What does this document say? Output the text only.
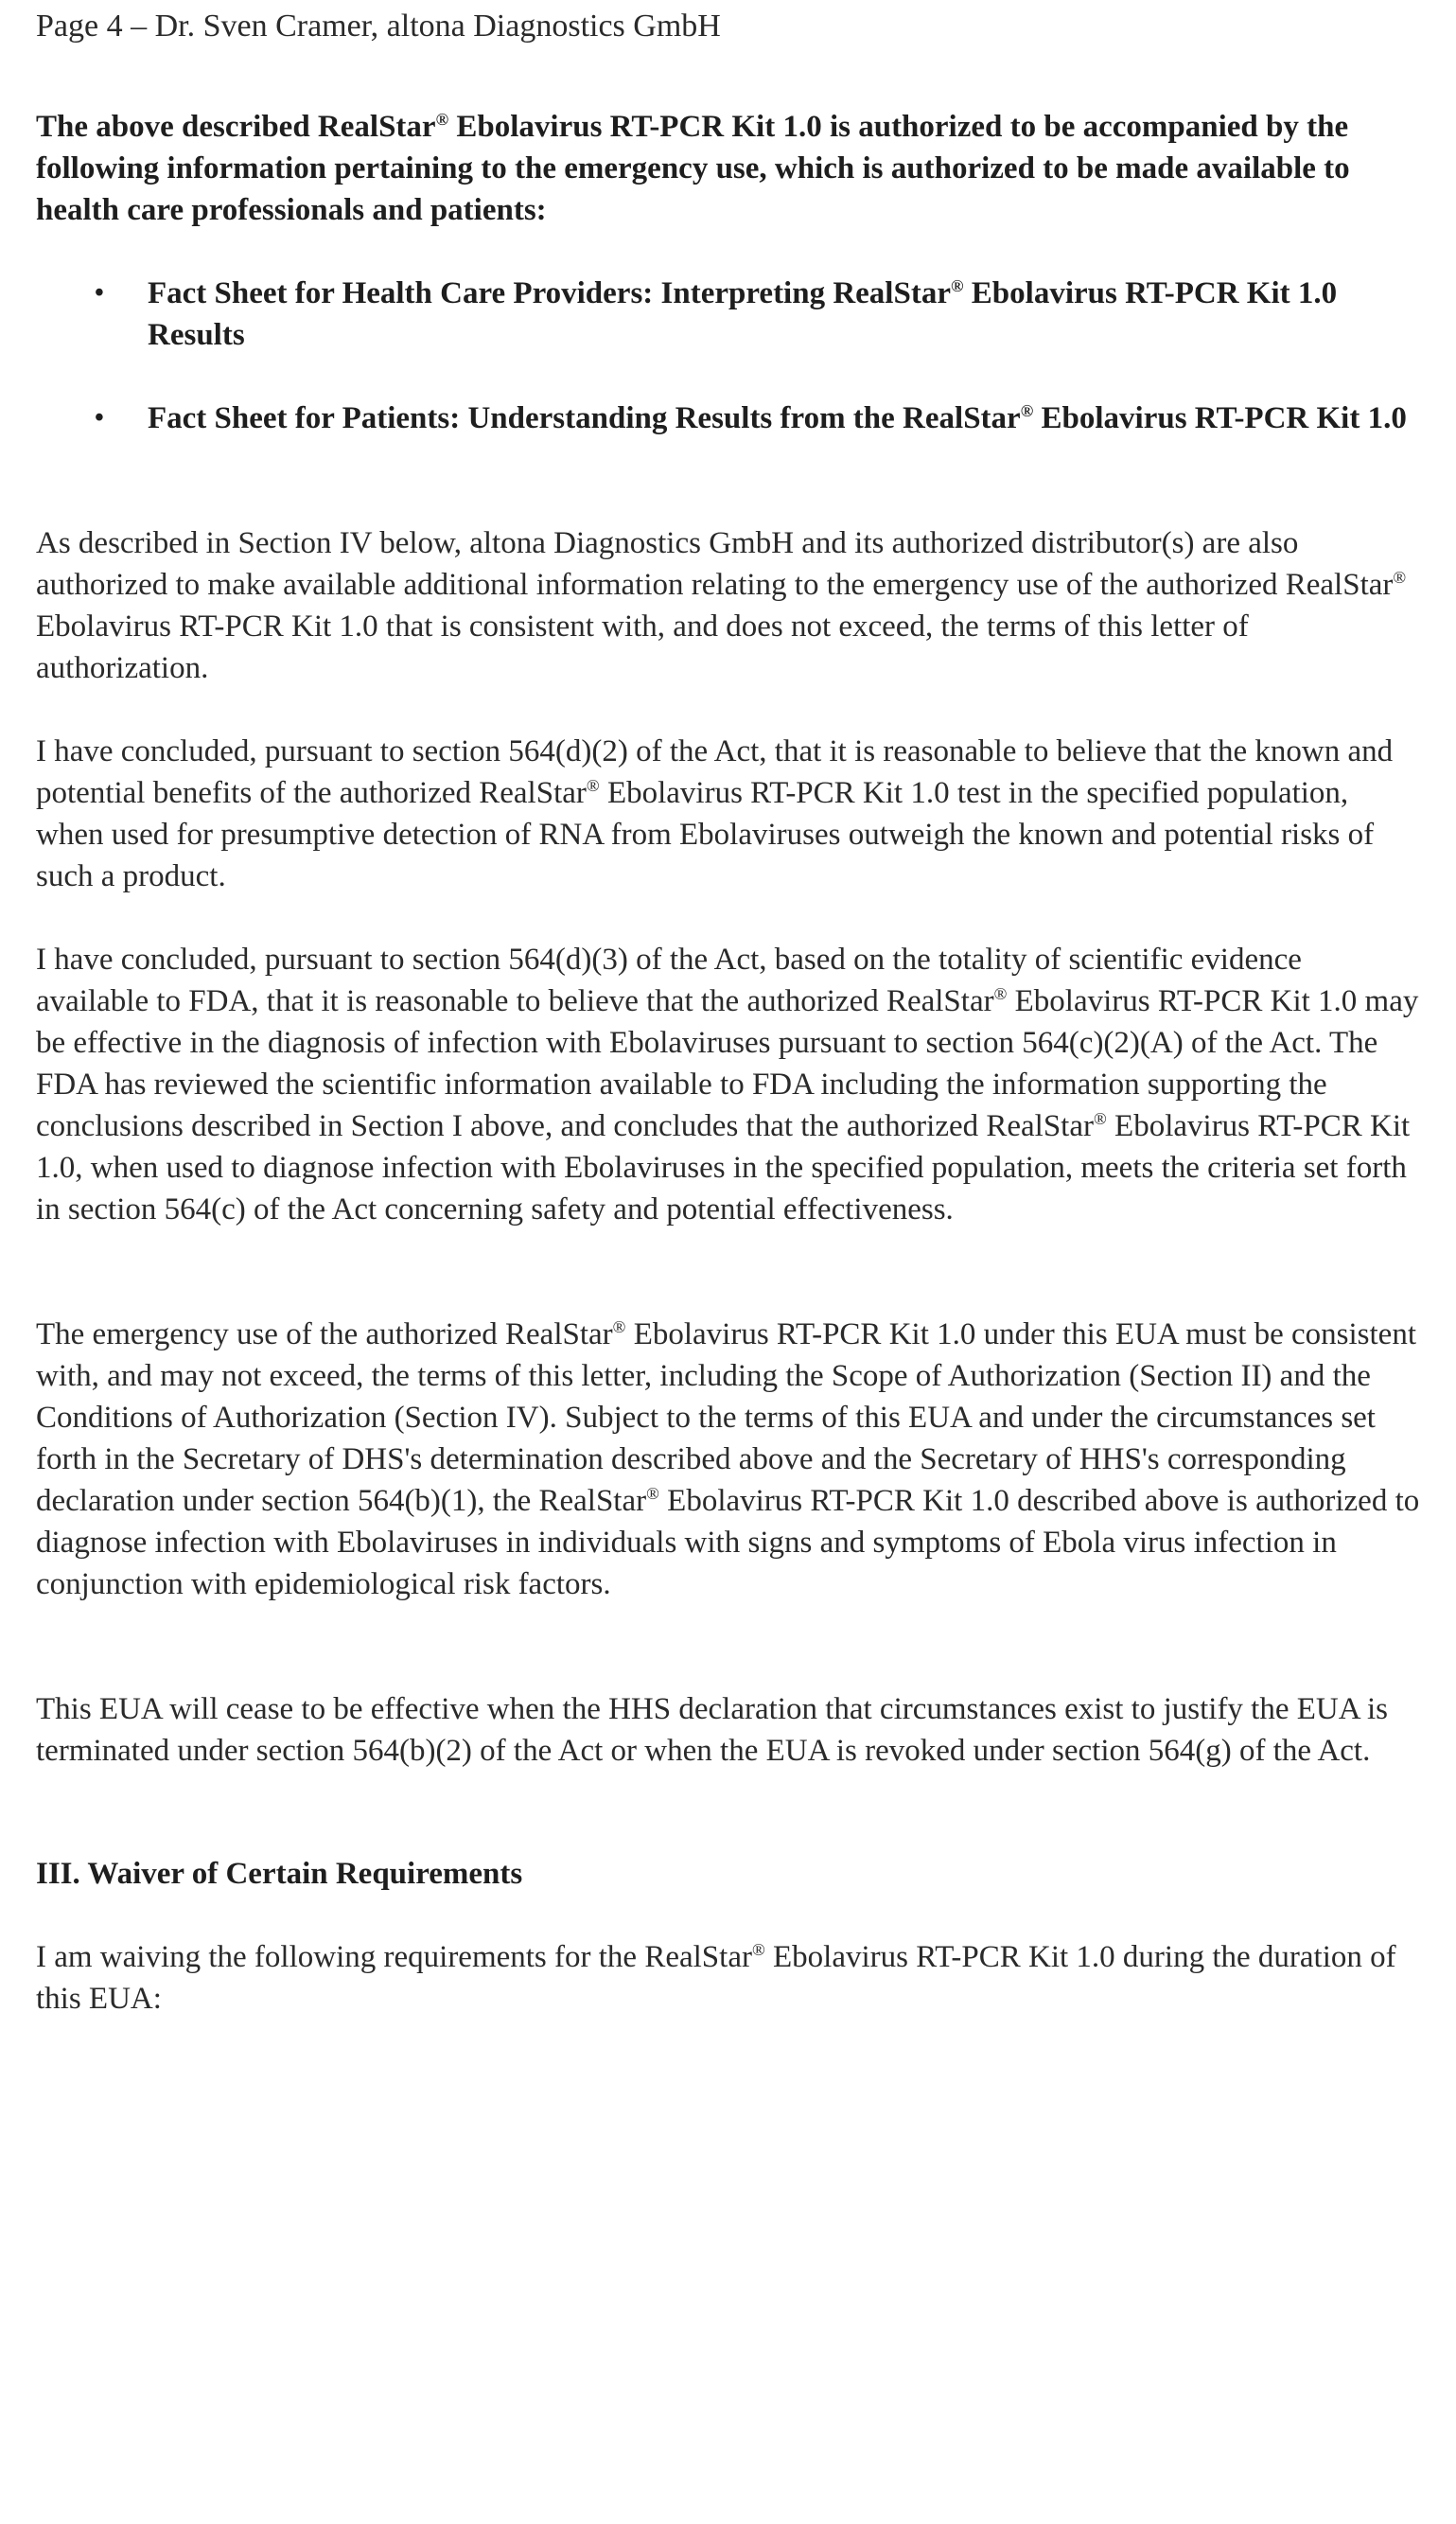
Page 4 – Dr. Sven Cramer, altona Diagnostics GmbH

The above described RealStar® Ebolavirus RT-PCR Kit 1.0 is authorized to be accompanied by the following information pertaining to the emergency use, which is authorized to be made available to health care professionals and patients:

•	Fact Sheet for Health Care Providers: Interpreting RealStar® Ebolavirus RT-PCR Kit 1.0 Results
•	Fact Sheet for Patients: Understanding Results from the RealStar® Ebolavirus RT-PCR Kit 1.0

As described in Section IV below, altona Diagnostics GmbH and its authorized distributor(s) are also authorized to make available additional information relating to the emergency use of the authorized RealStar® Ebolavirus RT-PCR Kit 1.0 that is consistent with, and does not exceed, the terms of this letter of authorization.

I have concluded, pursuant to section 564(d)(2) of the Act, that it is reasonable to believe that the known and potential benefits of the authorized RealStar® Ebolavirus RT-PCR Kit 1.0 test in the specified population, when used for presumptive detection of RNA from Ebolaviruses outweigh the known and potential risks of such a product.

I have concluded, pursuant to section 564(d)(3) of the Act, based on the totality of scientific evidence available to FDA, that it is reasonable to believe that the authorized RealStar® Ebolavirus RT-PCR Kit 1.0 may be effective in the diagnosis of infection with Ebolaviruses pursuant to section 564(c)(2)(A) of the Act. The FDA has reviewed the scientific information available to FDA including the information supporting the conclusions described in Section I above, and concludes that the authorized RealStar® Ebolavirus RT-PCR Kit 1.0, when used to diagnose infection with Ebolaviruses in the specified population, meets the criteria set forth in section 564(c) of the Act concerning safety and potential effectiveness.

The emergency use of the authorized RealStar® Ebolavirus RT-PCR Kit 1.0 under this EUA must be consistent with, and may not exceed, the terms of this letter, including the Scope of Authorization (Section II) and the Conditions of Authorization (Section IV). Subject to the terms of this EUA and under the circumstances set forth in the Secretary of DHS's determination described above and the Secretary of HHS's corresponding declaration under section 564(b)(1), the RealStar® Ebolavirus RT-PCR Kit 1.0 described above is authorized to diagnose infection with Ebolaviruses in individuals with signs and symptoms of Ebola virus infection in conjunction with epidemiological risk factors.

This EUA will cease to be effective when the HHS declaration that circumstances exist to justify the EUA is terminated under section 564(b)(2) of the Act or when the EUA is revoked under section 564(g) of the Act.

III. Waiver of Certain Requirements

I am waiving the following requirements for the RealStar® Ebolavirus RT-PCR Kit 1.0 during the duration of this EUA:
